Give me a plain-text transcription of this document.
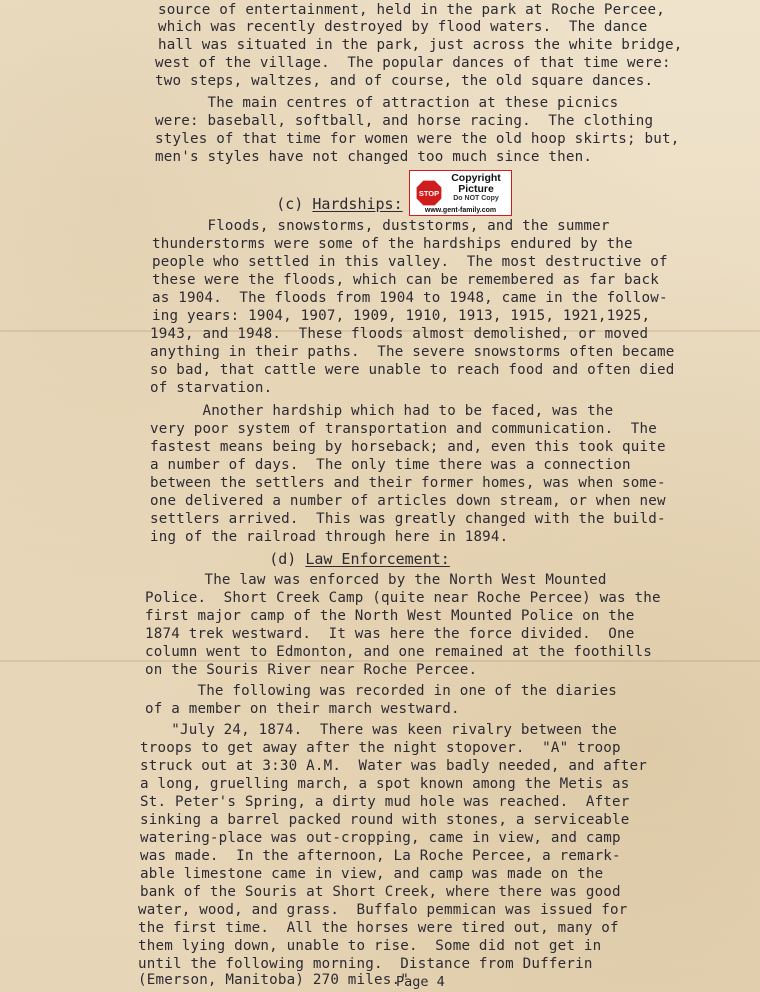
source of entertainment, held in the park at Roche Percee,
which was recently destroyed by flood waters.  The dance
hall was situated in the park, just across the white bridge,
west of the village.  The popular dances of that time were:
two steps, waltzes, and of course, the old square dances.
The main centres of attraction at these picnics
were: baseball, softball, and horse racing.  The clothing
styles of that time for women were the old hoop skirts; but,
men's styles have not changed too much since then.

(c) Hardships:

Floods, snowstorms, duststorms, and the summer
thunderstorms were some of the hardships endured by the
people who settled in this valley.  The most destructive of
these were the floods, which can be remembered as far back
as 1904.  The floods from 1904 to 1948, came in the follow-
ing years: 1904, 1907, 1909, 1910, 1913, 1915, 1921,1925,
1943, and 1948.  These floods almost demolished, or moved
anything in their paths.  The severe snowstorms often became
so bad, that cattle were unable to reach food and often died
of starvation.
Another hardship which had to be faced, was the
very poor system of transportation and communication.  The
fastest means being by horseback; and, even this took quite
a number of days.  The only time there was a connection
between the settlers and their former homes, was when some-
one delivered a number of articles down stream, or when new
settlers arrived.  This was greatly changed with the build-
ing of the railroad through here in 1894.

(d) Law Enforcement:

The law was enforced by the North West Mounted
Police.  Short Creek Camp (quite near Roche Percee) was the
first major camp of the North West Mounted Police on the
1874 trek westward.  It was here the force divided.  One
column went to Edmonton, and one remained at the foothills
on the Souris River near Roche Percee.
The following was recorded in one of the diaries
of a member on their march westward.
"July 24, 1874.  There was keen rivalry between the
troops to get away after the night stopover.  "A" troop
struck out at 3:30 A.M.  Water was badly needed, and after
a long, gruelling march, a spot known among the Metis as
St. Peter's Spring, a dirty mud hole was reached.  After
sinking a barrel packed round with stones, a serviceable
watering-place was out-cropping, came in view, and camp
was made.  In the afternoon, La Roche Percee, a remark-
able limestone came in view, and camp was made on the
bank of the Souris at Short Creek, where there was good
water, wood, and grass.  Buffalo pemmican was issued for
the first time.  All the horses were tired out, many of
them lying down, unable to rise.  Some did not get in
until the following morning.  Distance from Dufferin
(Emerson, Manitoba) 270 miles."
Page 4
STOP
Copyright
Picture
Do NOT Copy
www.gent-family.com
